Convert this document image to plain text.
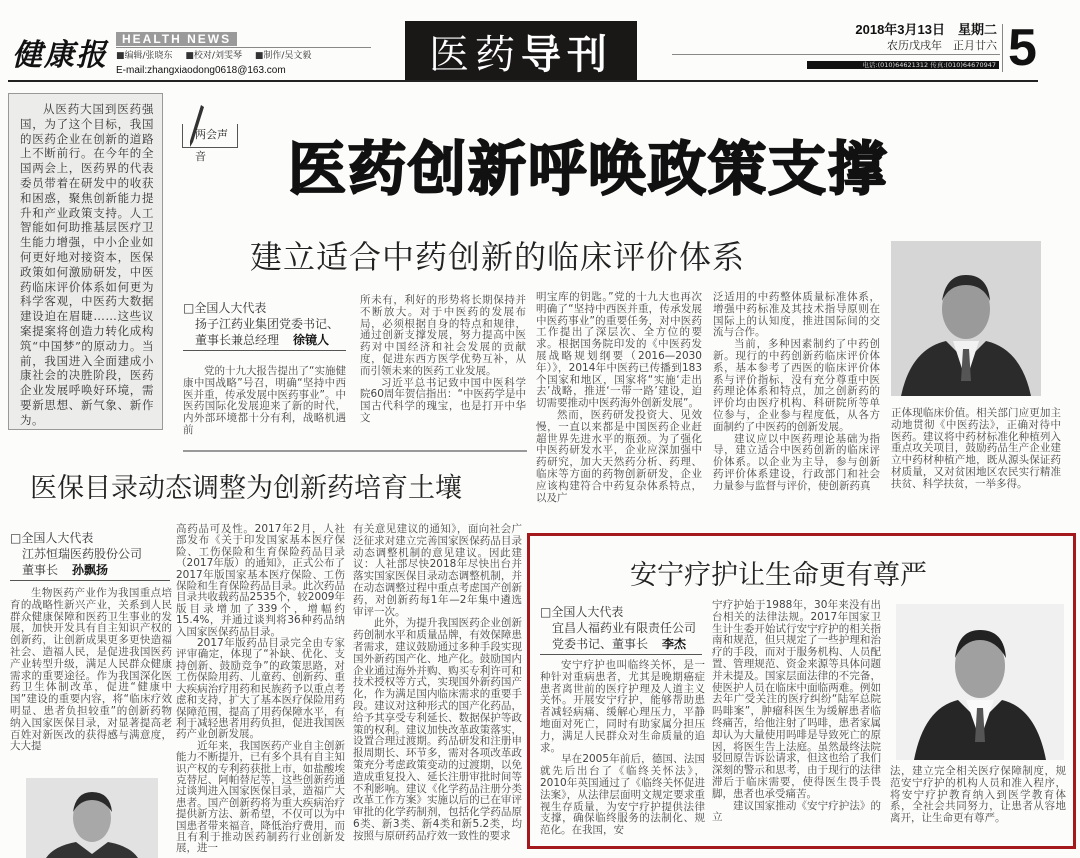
健康报	HEALTH NEWS
■编辑/张晓东 ■校对/刘雯琴 ■制作/吴文毅
E-mail:zhangxiaodong0618@163.com	医药 导刊
2018年3月13日　星期二
农历戊戌年　正月廿六
电话:(010)64621312 传真:(010)64670947 5

从医药大国到医药强国，为了这个目标，我国的医药企业在创新的道路上不断前行。在今年的全国两会上，医药界的代表委员带着在研发中的收获和困惑，聚焦创新能力提升和产业政策支持。人工智能如何助推基层医疗卫生能力增强，中小企业如何更好地对接资本，医保政策如何激励研发，中医药临床评价体系如何更为科学客观，中医药大数据建设迫在眉睫……这些议案提案将创造力转化成构筑“中国梦”的原动力。当前，我国进入全面建成小康社会的决胜阶段，医药企业发展呼唤好环境，需要新思想、新气象、新作为。

两会声音	医药创新呼唤政策支撑
建立适合中药创新的临床评价体系
□全国人大代表
扬子江药业集团党委书记、
董事长兼总经理 徐镜人

党的十九大报告提出了“实施健康中国战略”号召，明确“坚持中西医并重，传承发展中医药事业”。中医药国际化发展迎来了新的时代，内外部环境都十分有利，战略机遇前

所未有，利好的形势将长期保持并不断放大。对于中医药的发展布局，必须根据自身的特点和规律，通过创新支撑发展，努力提高中医药对中国经济和社会发展的贡献度，促进东西方医学优势互补，从而引领未来的医药工业发展。

习近平总书记致中国中医科学院60周年贺信指出：“中医药学是中国古代科学的瑰宝，也是打开中华文

明宝库的钥匙。”党的十九大也再次明确了“坚持中西医并重，传承发展中医药事业”的重要任务，对中医药工作提出了深层次、全方位的要求。根据国务院印发的《中医药发展战略规划纲要（2016—2030年）》，2014年中医药已传播到183个国家和地区，国家将“实施‘走出去’战略，推进‘一带一路’建设，迫切需要推动中医药海外创新发展”。

然而，医药研发投资大、见效慢，一直以来都是中国医药企业赶超世界先进水平的瓶颈。为了强化中医药研发水平，企业应深加强中药研究，加大天然药分析、药理、临床等方面的药物创新研发，企业应该构建符合中药复杂体系特点，以及广

泛适用的中药整体质量标准体系，增强中药标准及其技术指导原则在国际上的认知度，推进国际间的交流与合作。

当前，多种因素制约了中药创新。现行的中药创新药临床评价体系，基本参考了西医的临床评价体系与评价指标，没有充分尊重中医药理论体系和特点，加之创新药的评价均由医疗机构、科研院所等单位参与，企业参与程度低，从各方面制约了中医药的创新发展。

建议应以中医药理论基础为指导，建立适合中医药创新的临床评价体系。以企业为主导，参与创新药评价体系建设，行政部门和社会力量参与监督与评价，使创新药真

正体现临床价值。相关部门应更加主动地贯彻《中医药法》，正确对待中医药。建议将中药材标准化种植列入重点攻关项目，鼓励药品生产企业建立中药材种植产地，既从源头保证药材质量，又对贫困地区农民实行精准扶贫、科学扶贫，一举多得。

医保目录动态调整为创新药培育土壤
□全国人大代表
江苏恒瑞医药股份公司
董事长 孙飘扬

生物医药产业作为我国重点培育的战略性新兴产业，关系到人民群众健康保障和医药卫生事业的发展，加快开发具有自主知识产权的创新药，让创新成果更多更快造福社会、造福人民，是促进我国医药产业转型升级，满足人民群众健康需求的重要途径。作为我国深化医药卫生体制改革，促进“健康中国”建设的重要内容，将“临床疗效明显、患者负担较重”的创新药物纳入国家医保目录，对显著提高老百姓对新医改的获得感与满意度，大大提

高药品可及性。2017年2月，人社部发布《关于印发国家基本医疗保险、工伤保险和生育保险药品目录（2017年版）的通知》，正式公布了2017年版国家基本医疗保险、工伤保险和生育保险药品目录。此次药品目录共收载药品2535个，较2009年版目录增加了339个，增幅约15.4%，并通过谈判将36种药品纳入国家医保药品目录。

2017年版药品目录完全由专家评审确定，体现了“补缺、优化、支持创新、鼓励竞争”的政策思路，对工伤保险用药、儿童药、创新药、重大疾病治疗用药和民族药予以重点考虑和支持，扩大了基本医疗保险用药保障范围，提高了用药保障水平，有利于减轻患者用药负担，促进我国医药产业创新发展。

近年来，我国医药产业自主创新能力不断提升，已有多个具有自主知识产权的专利药获批上市，如盐酸埃克替尼、阿帕替尼等，这些创新药通过谈判进入国家医保目录，造福广大患者。国产创新药将为重大疾病治疗提供新方法、新希望，不仅可以为中国患者带来福音，降低治疗费用，而且有利于推动医药制药行业创新发展，进一

有关意见建议的通知》，面向社会广泛征求对建立完善国家医保药品目录动态调整机制的意见建议。因此建议：人社部尽快2018年尽快出台并落实国家医保目录动态调整机制，并在动态调整过程中重点考虑国产创新药，对创新药每1年—2年集中遴选审评一次。

此外，为提升我国医药企业创新药创制水平和质量品牌，有效保障患者需求，建议鼓励通过多种手段实现国外新药国产化、地产化。鼓励国内企业通过海外并购、购买专利许可和技术授权等方式，实现国外新药国产化，作为满足国内临床需求的重要手段。建议对这种形式的国产化药品，给予其享受专利延长、数据保护等政策的权利。建议加快改革政策落实，设置合理过渡期。药品研发和注册申报周期长、环节多，需对各项改革政策充分考虑政策变动的过渡期，以免造成重复投入、延长注册审批时间等不利影响。建议《化学药品注册分类改革工作方案》实施以后的已在审评审批的化学药制剂，包括化学药品原6类、新3类、新4类和新5.2类，均按照与原研药品疗效一致性的要求

安宁疗护让生命更有尊严
□全国人大代表
宜昌人福药业有限责任公司
党委书记、董事长 李杰

安宁疗护也叫临终关怀，是一种针对重病患者，尤其是晚期癌症患者离世前的医疗护理及人道主义关怀。开展安宁疗护，能够帮助患者减轻病痛、缓解心理压力，平静地面对死亡，同时有助家属分担压力，满足人民群众对生命质量的追求。

早在2005年前后，德国、法国就先后出台了《临终关怀法》，2010年英国通过了《临终关怀促进法案》，从法律层面明文规定要求重视生存质量，为安宁疗护提供法律支撑，确保临终服务的法制化、规范化。在我国，安

宁疗护始于1988年，30年来没有出台相关的法律法规。2017年国家卫生计生委开始试行安宁疗护的相关指南和规范，但只规定了一些护理和治疗的手段，而对于服务机构、人员配置、管理规范、资金来源等具体问题并未提及。国家层面法律的不完备，使医护人员在临床中面临两难。例如去年广受关注的医疗纠纷“陆军总院吗啡案”，肿瘤科医生为缓解患者临终痛苦，给他注射了吗啡，患者家属却认为大量使用吗啡是导致死亡的原因，将医生告上法庭。虽然最终法院驳回原告诉讼请求，但这也给了我们深刻的警示和思考，由于现行的法律滞后于临床需要，使得医生畏手畏脚，患者也承受痛苦。

建议国家推动《安宁疗护法》的立

法，建立完全相关医疗保障制度，规范安宁疗护的机构人员和准入程序，将安宁疗护教育纳入到医学教育体系，全社会共同努力，让患者从容地离开，让生命更有尊严。
